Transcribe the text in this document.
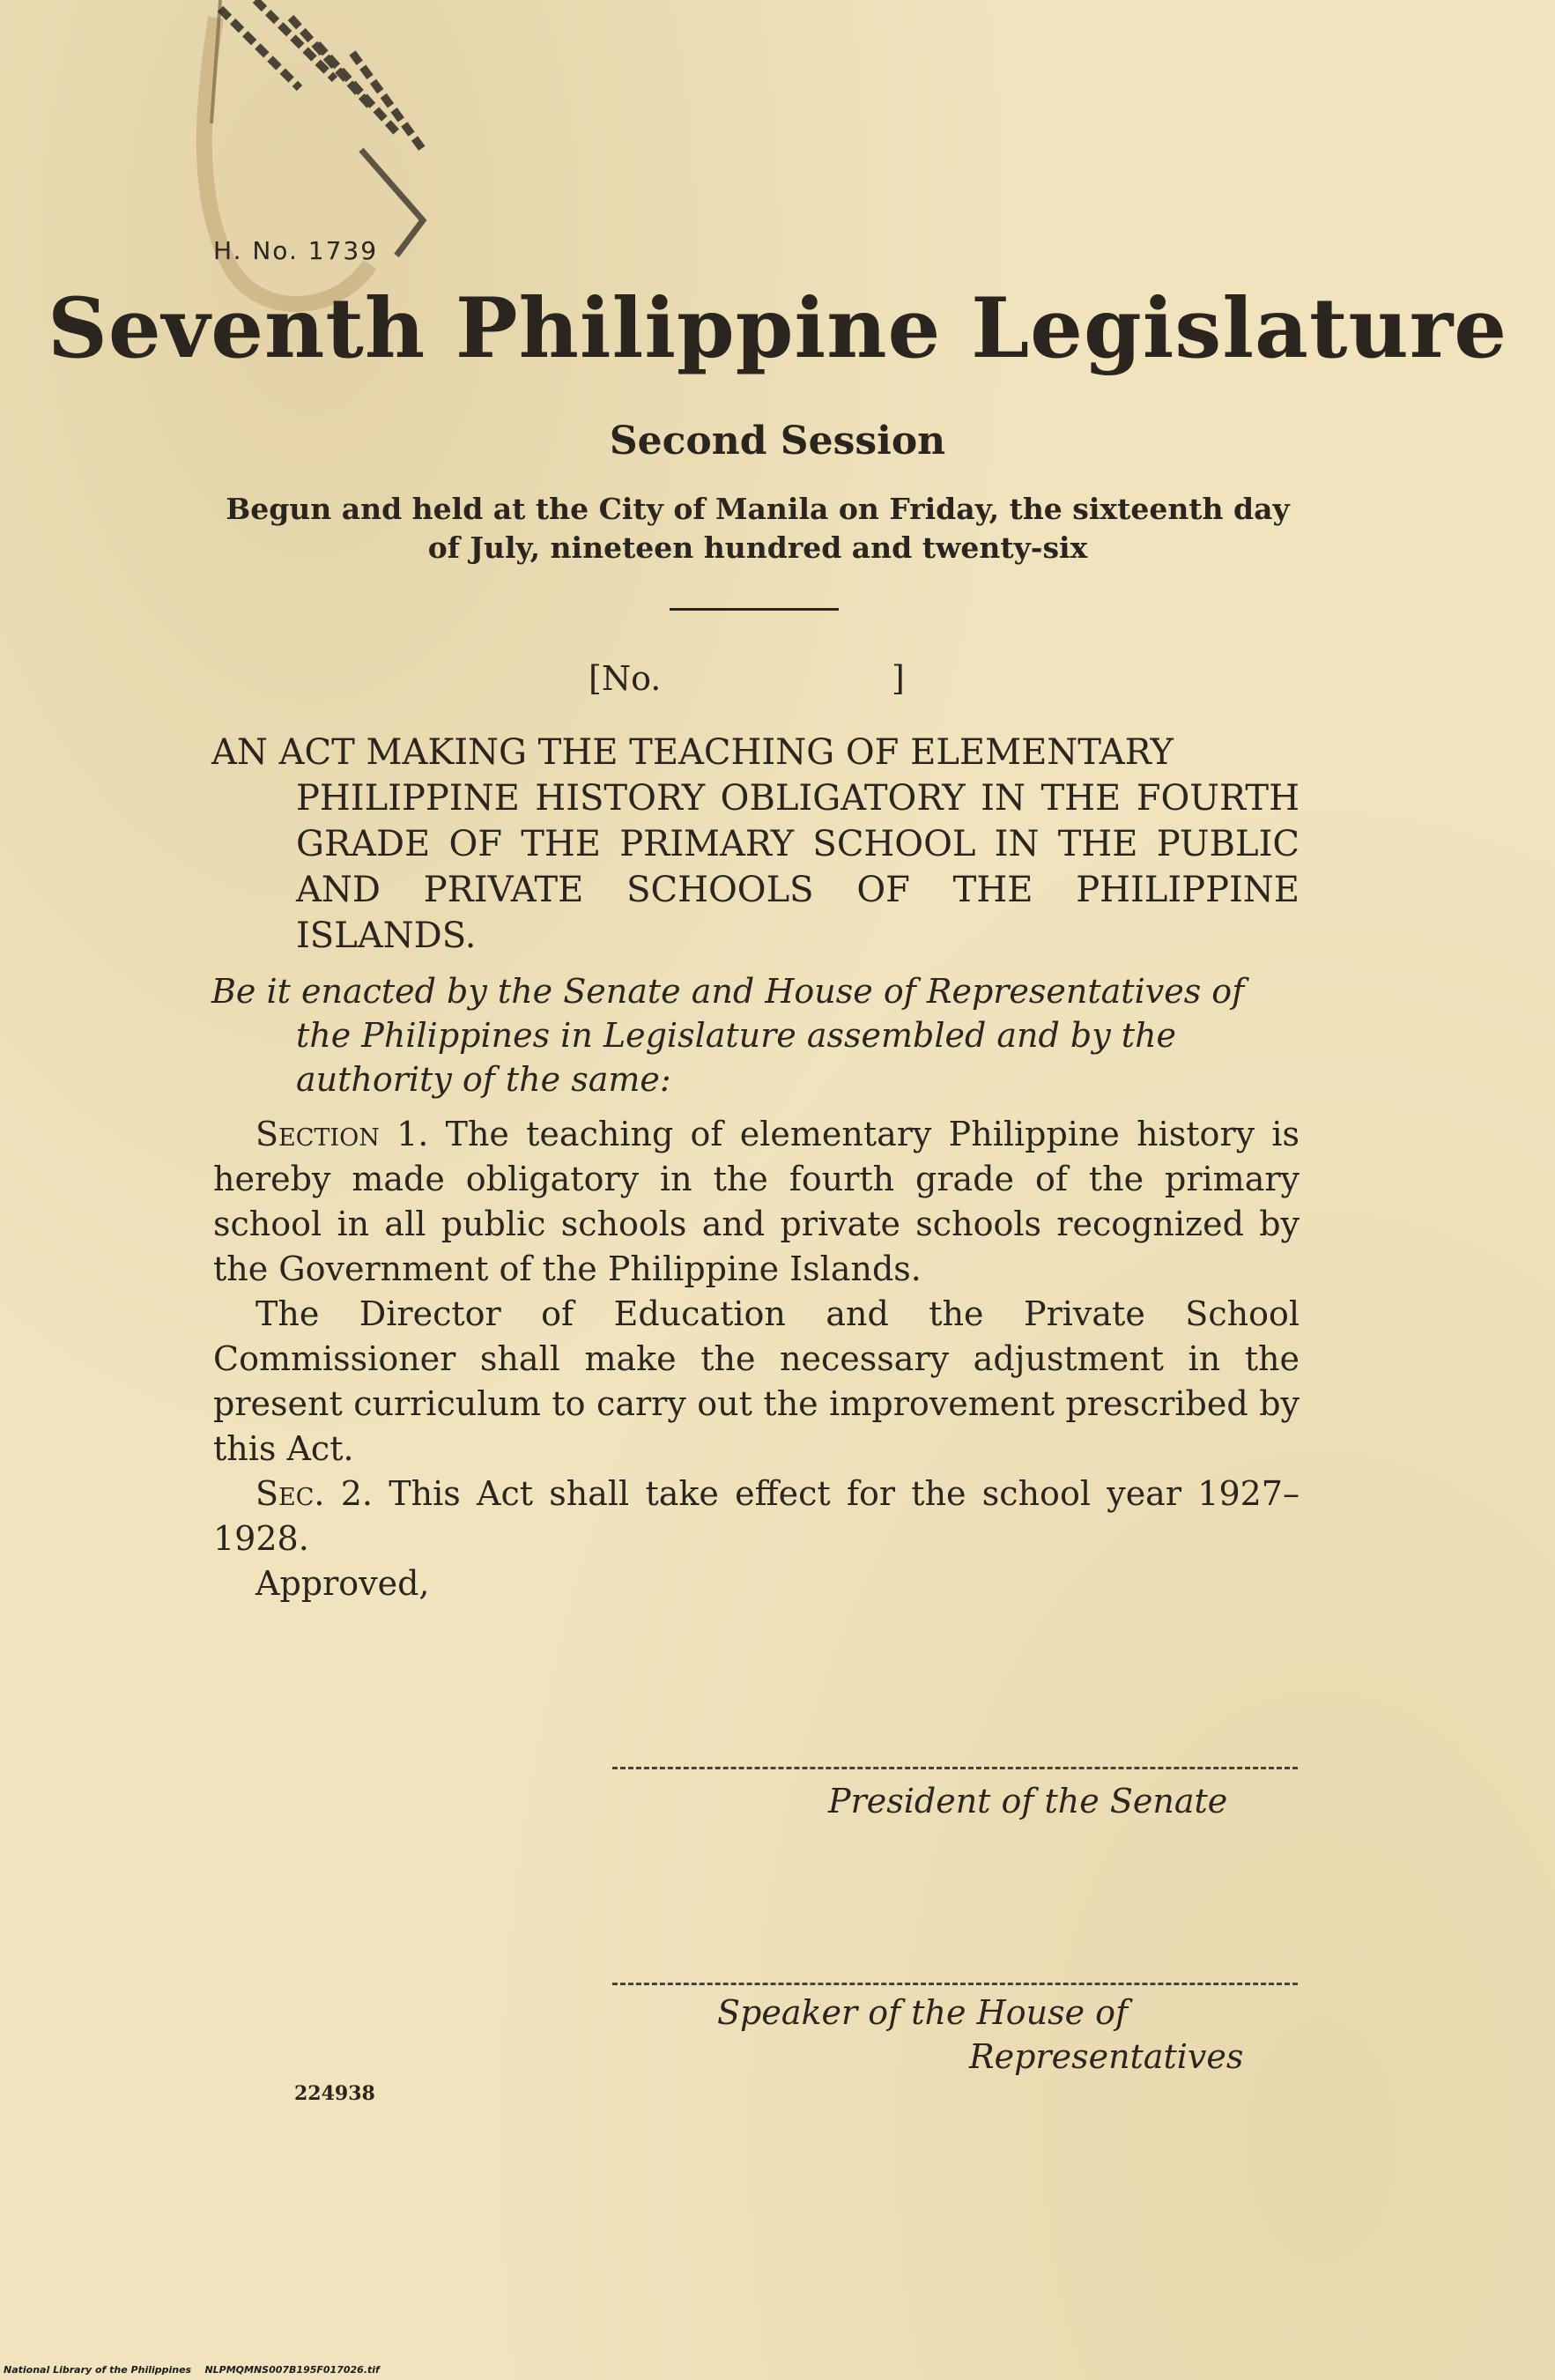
H. No. 1739

Seventh Philippine Legislature
Second Session
Begun and held at the City of Manila on Friday, the sixteenth day
of July, nineteen hundred and twenty-six
[No.	]
AN ACT MAKING THE TEACHING OF ELEMENTARY
PHILIPPINE HISTORY OBLIGATORY IN THE FOURTH GRADE OF THE PRIMARY SCHOOL IN THE PUBLIC AND PRIVATE SCHOOLS OF THE PHILIPPINE ISLANDS.
Be it enacted by the Senate and House of Representatives of
the Philippines in Legislature assembled and by the authority of the same:

Section 1. The teaching of elementary Philippine history is hereby made obligatory in the fourth grade of the primary school in all public schools and private schools recognized by the Government of the Philippine Islands.

The Director of Education and the Private School Commissioner shall make the necessary adjustment in the present curriculum to carry out the improvement prescribed by this Act.

Sec. 2. This Act shall take effect for the school year 1927–1928.

Approved,

President of the Senate
Speaker of the House of
Representatives
224938
National Library of the Philippines NLPMQMNS007B195F017026.tif
